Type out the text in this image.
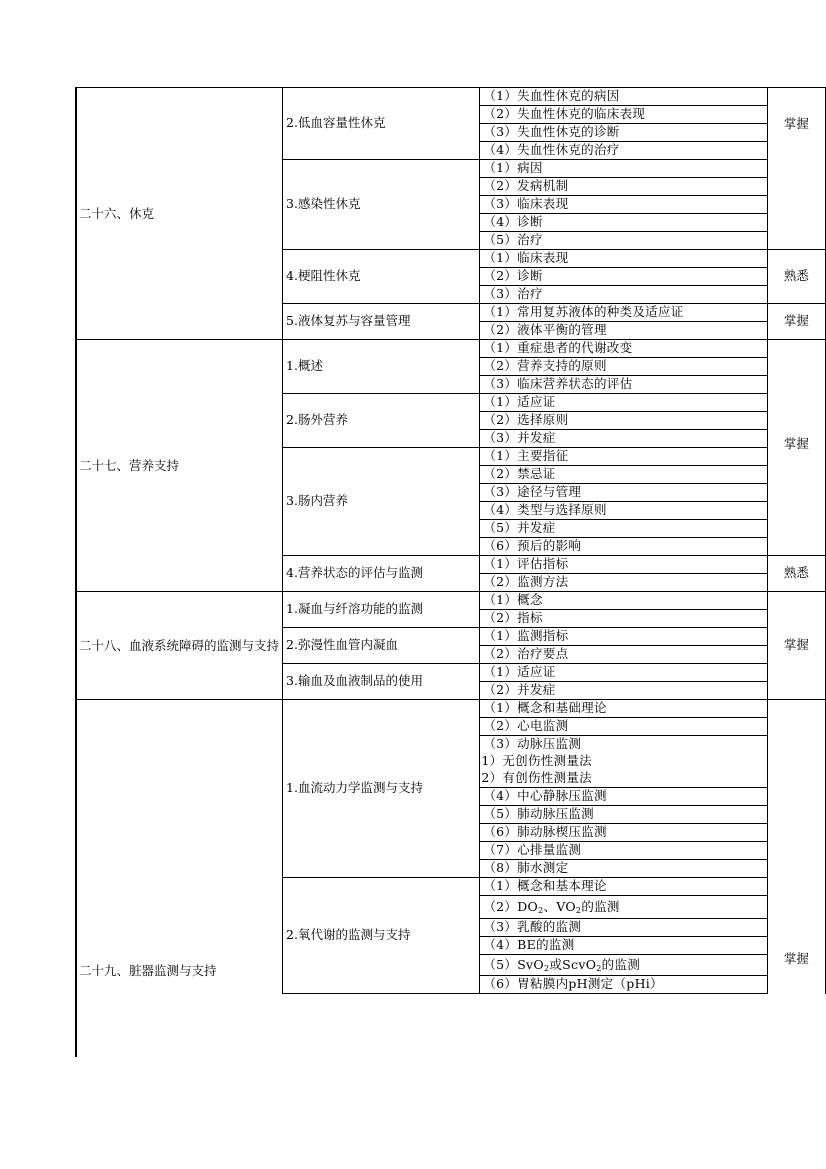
二十六、休克	2.低血容量性休克	（1）失血性休克的病因	掌握
		（2）失血性休克的临床表现	
		（3）失血性休克的诊断	
		（4）失血性休克的治疗	
	3.感染性休克	（1）病因	
		（2）发病机制	
		（3）临床表现	
		（4）诊断	
		（5）治疗	
	4.梗阻性休克	（1）临床表现	熟悉
		（2）诊断	
		（3）治疗	
	5.液体复苏与容量管理	（1）常用复苏液体的种类及适应证	掌握
		（2）液体平衡的管理	
二十七、营养支持	1.概述	（1）重症患者的代谢改变	掌握
		（2）营养支持的原则	
		（3）临床营养状态的评估	
	2.肠外营养	（1）适应证	
		（2）选择原则	
		（3）并发症	
	3.肠内营养	（1）主要指征	
		（2）禁忌证	
		（3）途径与管理	
		（4）类型与选择原则	
		（5）并发症	
		（6）预后的影响	
	4.营养状态的评估与监测	（1）评估指标	熟悉
		（2）监测方法	
二十八、血液系统障碍的监测与支持	1.凝血与纤溶功能的监测	（1）概念	掌握
		（2）指标	
	2.弥漫性血管内凝血	（1）监测指标	
		（2）治疗要点	
	3.输血及血液制品的使用	（1）适应证	
		（2）并发症	
二十九、脏器监测与支持	1.血流动力学监测与支持	（1）概念和基础理论	掌握
		（2）心电监测	
		（3）动脉压监测	
		1）无创伤性测量法	
		2）有创伤性测量法	
		（4）中心静脉压监测	
		（5）肺动脉压监测	
		（6）肺动脉楔压监测	
		（7）心排量监测	
		（8）肺水测定	
	2.氧代谢的监测与支持	（1）概念和基本理论	
		$(2)DO_2$、$VO_2$的监测	
		（3）乳酸的监测	
		（4）BE的监测	
		（5）SvO$_2$或ScvO$_2$的监测	
		（6）胃粘膜内pH测定（pHi）	
